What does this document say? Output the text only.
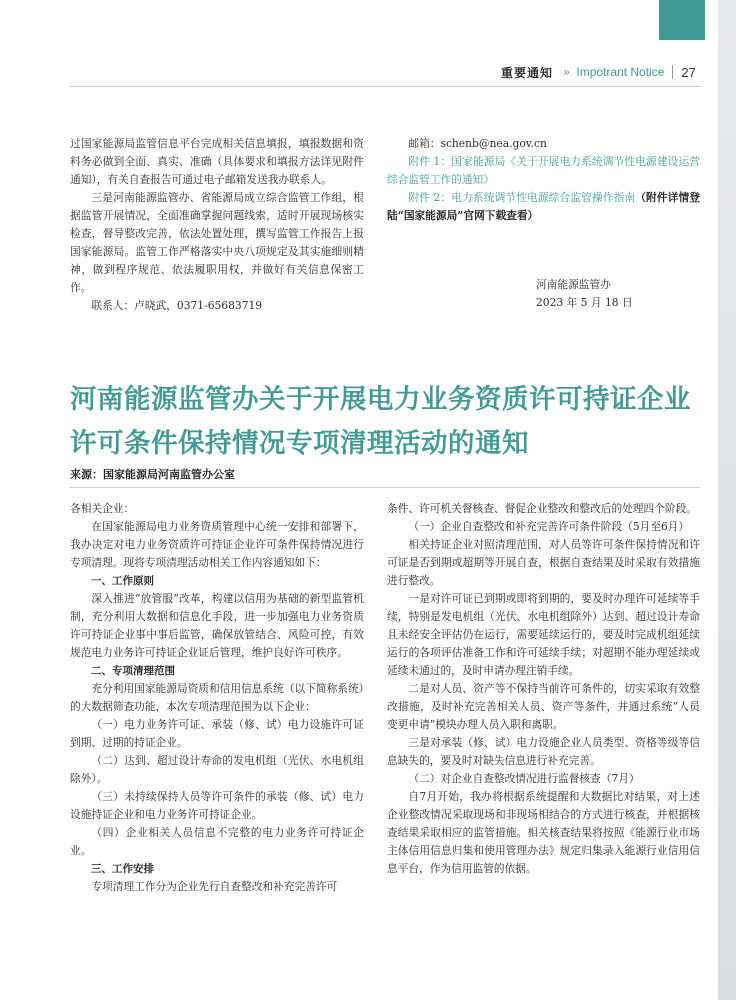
重要通知 » Impotrant Notice 27

过国家能源局监管信息平台完成相关信息填报，填报数据和资料务必做到全面、真实、准确（具体要求和填报方法详见附件通知），有关自查报告可通过电子邮箱发送我办联系人。

三是河南能源监管办、省能源局成立综合监管工作组，根据监管开展情况，全面准确掌握问题线索，适时开展现场核实检查，督导整改完善，依法处置处理，撰写监管工作报告上报国家能源局。监管工作严格落实中央八项规定及其实施细则精神，做到程序规范、依法履职用权，并做好有关信息保密工作。

联系人：卢晓武，0371-65683719

邮箱：schenb@nea.gov.cn

附件 1：国家能源局《关于开展电力系统调节性电源建设运营综合监管工作的通知》

附件 2：电力系统调节性电源综合监管操作指南（附件详情登陆“国家能源局”官网下载查看）

河南能源监管办
2023 年 5 月 18 日
河南能源监管办关于开展电力业务资质许可持证企业许可条件保持情况专项清理活动的通知
来源：国家能源局河南监管办公室

各相关企业：

在国家能源局电力业务资质管理中心统一安排和部署下，我办决定对电力业务资质许可持证企业许可条件保持情况进行专项清理。现将专项清理活动相关工作内容通知如下：

一、工作原则

深入推进“放管服”改革，构建以信用为基础的新型监管机制，充分利用大数据和信息化手段，进一步加强电力业务资质许可持证企业事中事后监管，确保放管结合、风险可控，有效规范电力业务许可持证企业证后管理，维护良好许可秩序。

二、专项清理范围

充分利用国家能源局资质和信用信息系统（以下简称系统）的大数据筛查功能，本次专项清理范围为以下企业：

（一）电力业务许可证、承装（修、试）电力设施许可证到期、过期的持证企业。

（二）达到、超过设计寿命的发电机组（光伏、水电机组除外）。

（三）未持续保持人员等许可条件的承装（修、试）电力设施持证企业和电力业务许可持证企业。

（四）企业相关人员信息不完整的电力业务许可持证企业。

三、工作安排

专项清理工作分为企业先行自查整改和补充完善许可

条件、许可机关督核查、督促企业整改和整改后的处理四个阶段。

（一）企业自查整改和补充完善许可条件阶段（5月至6月）

相关持证企业对照清理范围，对人员等许可条件保持情况和许可证是否到期或超期等开展自查，根据自查结果及时采取有效措施进行整改。

一是对许可证已到期或即将到期的，要及时办理许可延续等手续，特别是发电机组（光伏、水电机组除外）达到、超过设计寿命且未经安全评估仍在运行，需要延续运行的，要及时完成机组延续运行的各项评估准备工作和许可延续手续；对超期不能办理延续或延续未通过的，及时申请办理注销手续。

二是对人员、资产等不保持当前许可条件的，切实采取有效整改措施，及时补充完善相关人员、资产等条件，并通过系统“人员变更申请”模块办理人员入职和离职。

三是对承装（修、试）电力设施企业人员类型、资格等级等信息缺失的，要及时对缺失信息进行补充完善。

（二）对企业自查整改情况进行监督核查（7月）

自7月开始，我办将根据系统提醒和大数据比对结果，对上述企业整改情况采取现场和非现场相结合的方式进行核查，并根据核查结果采取相应的监管措施。相关核查结果将按照《能源行业市场主体信用信息归集和使用管理办法》规定归集录入能源行业信用信息平台，作为信用监管的依据。
